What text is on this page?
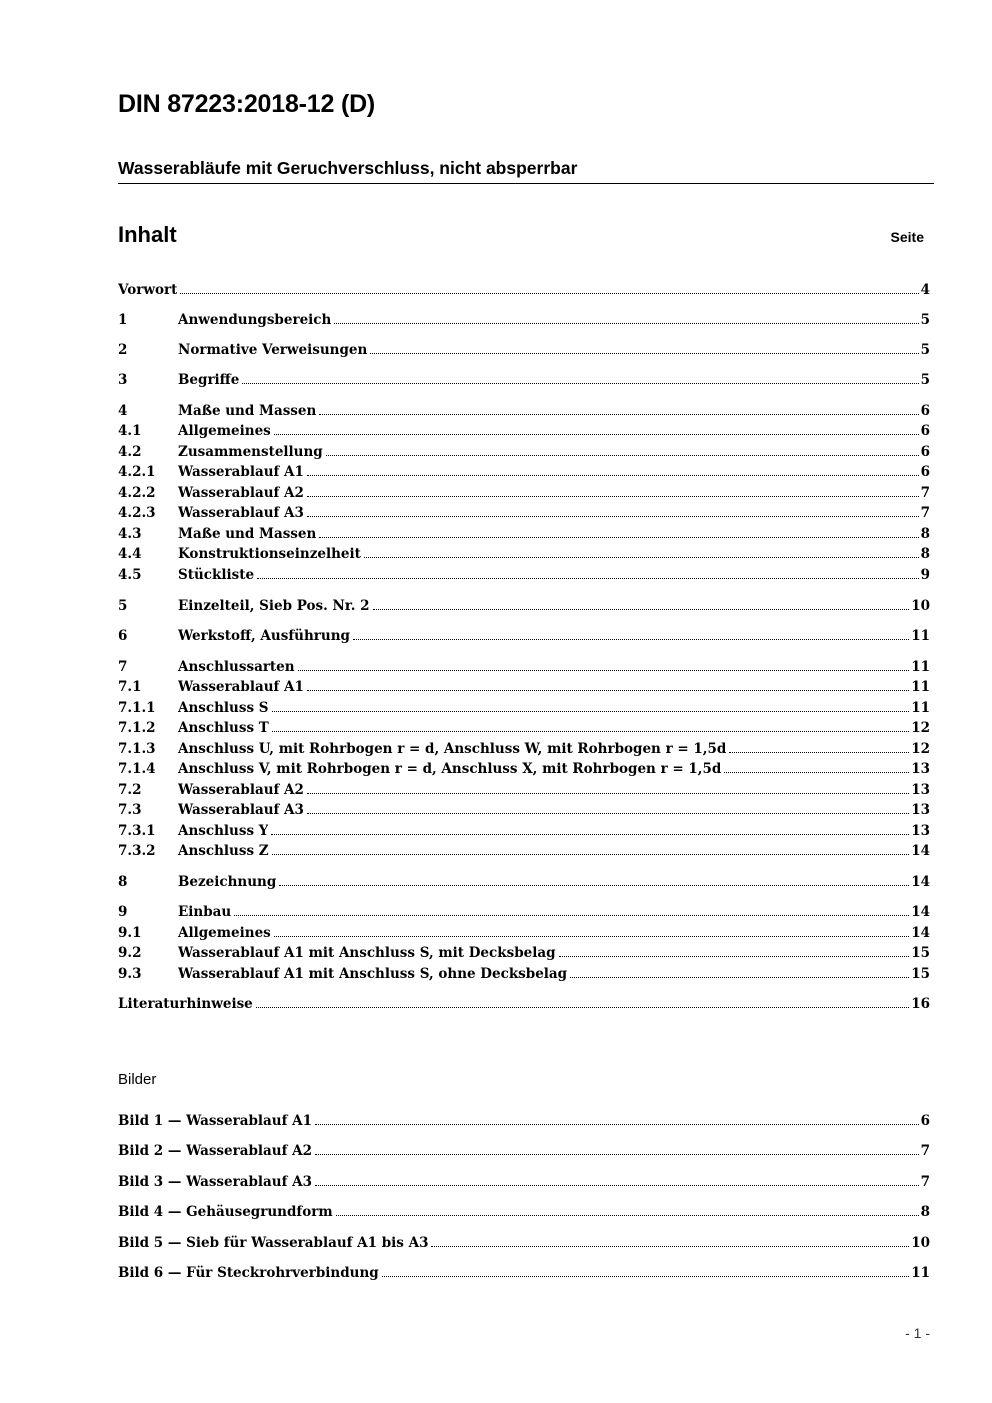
DIN 87223:2018-12 (D)
Wasserabläufe mit Geruchverschluss, nicht absperrbar
Inhalt	Seite
Vorwort	4
1	Anwendungsbereich	5
2	Normative Verweisungen	5
3	Begriffe	5
4	Maße und Massen	6
4.1	Allgemeines	6
4.2	Zusammenstellung	6
4.2.1	Wasserablauf A1	6
4.2.2	Wasserablauf A2	7
4.2.3	Wasserablauf A3	7
4.3	Maße und Massen	8
4.4	Konstruktionseinzelheit	8
4.5	Stückliste	9
5	Einzelteil, Sieb Pos. Nr. 2	10
6	Werkstoff, Ausführung	11
7	Anschlussarten	11
7.1	Wasserablauf A1	11
7.1.1	Anschluss S	11
7.1.2	Anschluss T	12
7.1.3	Anschluss U, mit Rohrbogen r = d, Anschluss W, mit Rohrbogen r = 1,5d	12
7.1.4	Anschluss V, mit Rohrbogen r = d, Anschluss X, mit Rohrbogen r = 1,5d	13
7.2	Wasserablauf A2	13
7.3	Wasserablauf A3	13
7.3.1	Anschluss Y	13
7.3.2	Anschluss Z	14
8	Bezeichnung	14
9	Einbau	14
9.1	Allgemeines	14
9.2	Wasserablauf A1 mit Anschluss S, mit Decksbelag	15
9.3	Wasserablauf A1 mit Anschluss S, ohne Decksbelag	15
Literaturhinweise	16
Bilder
Bild 1 — Wasserablauf A1	6
Bild 2 — Wasserablauf A2	7
Bild 3 — Wasserablauf A3	7
Bild 4 — Gehäusegrundform	8
Bild 5 — Sieb für Wasserablauf A1 bis A3	10
Bild 6 — Für Steckrohrverbindung	11
- 1 -
